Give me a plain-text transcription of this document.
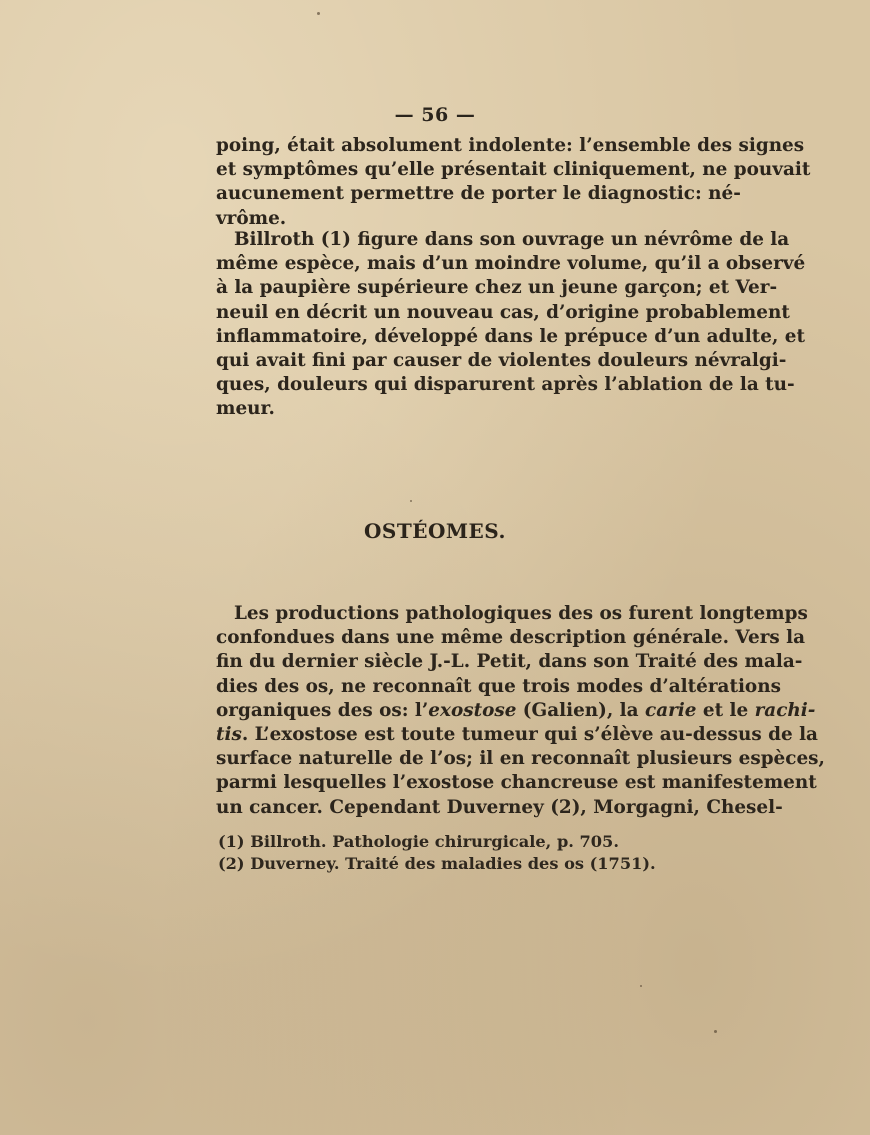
— 56 —
poing, était absolument indolente: l’ensemble des signes
et symptômes qu’elle présentait cliniquement, ne pouvait
aucunement permettre de porter le diagnostic: né-
vrôme.
Billroth (1) figure dans son ouvrage un névrôme de la
même espèce, mais d’un moindre volume, qu’il a observé
à la paupière supérieure chez un jeune garçon; et Ver-
neuil en décrit un nouveau cas, d’origine probablement
inflammatoire, développé dans le prépuce d’un adulte, et
qui avait fini par causer de violentes douleurs névralgi-
ques, douleurs qui disparurent après l’ablation de la tu-
meur.
OSTÉOMES.
Les productions pathologiques des os furent longtemps
confondues dans une même description générale. Vers la
fin du dernier siècle J.-L. Petit, dans son Traité des mala-
dies des os, ne reconnaît que trois modes d’altérations
organiques des os: l’exostose (Galien), la carie et le rachi-
tis. L’exostose est toute tumeur qui s’élève au-dessus de la
surface naturelle de l’os; il en reconnaît plusieurs espèces,
parmi lesquelles l’exostose chancreuse est manifestement
un cancer. Cependant Duverney (2), Morgagni, Chesel-
(1) Billroth. Pathologie chirurgicale, p. 705.
(2) Duverney. Traité des maladies des os (1751).
